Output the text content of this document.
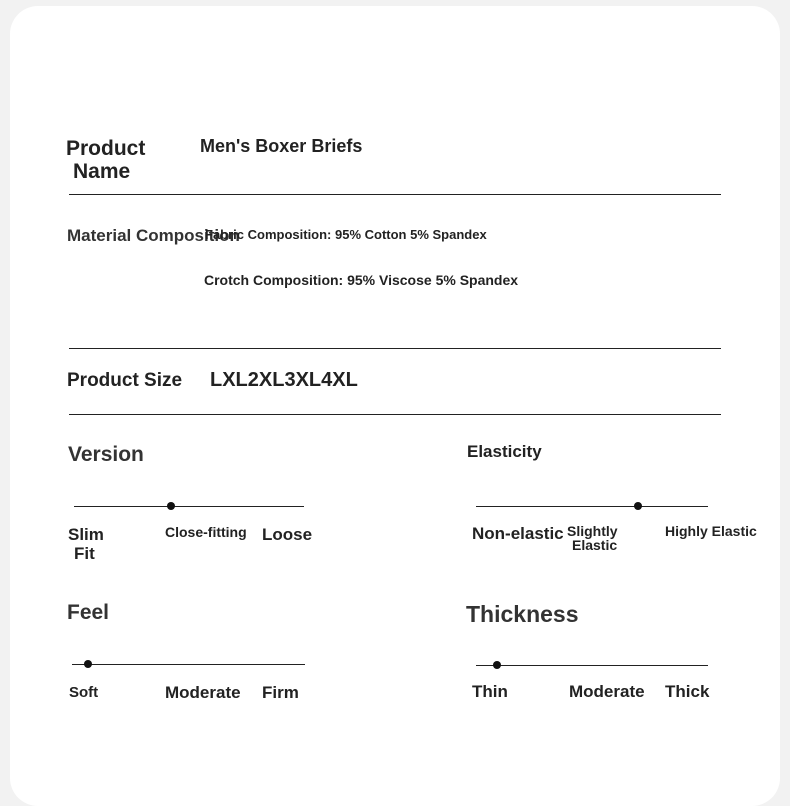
Product
Name
Men's Boxer Briefs
Material Composition
Fabric Composition: 95% Cotton 5% Spandex
Crotch Composition: 95% Viscose 5% Spandex
Product Size LXL2XL3XL4XL
Version
Slim
Fit
Close-fitting Loose
Elasticity
Non-elastic Slightly
Elastic
Highly Elastic
Feel
Soft	Moderate Firm
Thickness
Thin	Moderate Thick
